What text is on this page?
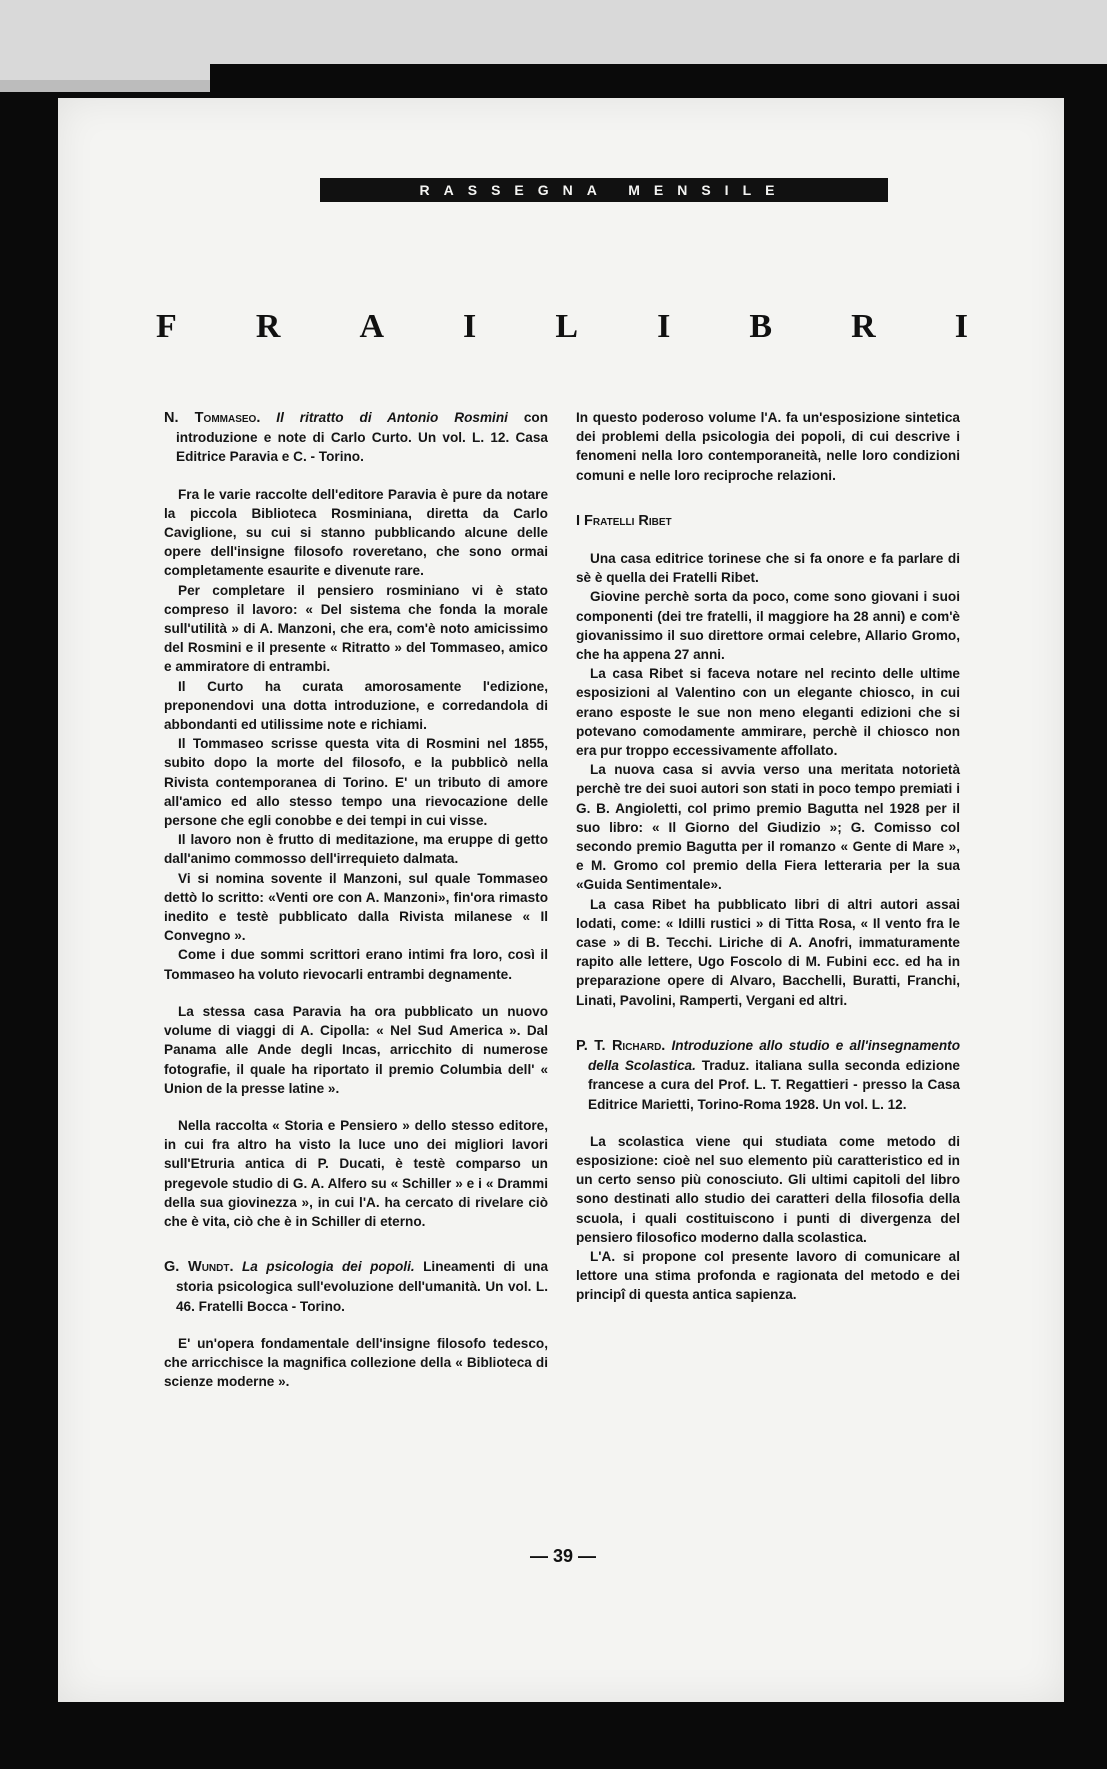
RASSEGNA MENSILE
F R A I L I B R I

N. Tommaseo. Il ritratto di Antonio Rosmini con introduzione e note di Carlo Curto. Un vol. L. 12. Casa Editrice Paravia e C. - Torino.

Fra le varie raccolte dell'editore Paravia è pure da notare la piccola Biblioteca Rosminiana, diretta da Carlo Caviglione, su cui si stanno pubblicando alcune delle opere dell'insigne filosofo roveretano, che sono ormai completamente esaurite e divenute rare.

Per completare il pensiero rosminiano vi è stato compreso il lavoro: « Del sistema che fonda la morale sull'utilità » di A. Manzoni, che era, com'è noto amicissimo del Rosmini e il presente « Ritratto » del Tommaseo, amico e ammiratore di entrambi.

Il Curto ha curata amorosamente l'edizione, preponendovi una dotta introduzione, e corredandola di abbondanti ed utilissime note e richiami.

Il Tommaseo scrisse questa vita di Rosmini nel 1855, subito dopo la morte del filosofo, e la pubblicò nella Rivista contemporanea di Torino. E' un tributo di amore all'amico ed allo stesso tempo una rievocazione delle persone che egli conobbe e dei tempi in cui visse.

Il lavoro non è frutto di meditazione, ma eruppe di getto dall'animo commosso dell'irrequieto dalmata.

Vi si nomina sovente il Manzoni, sul quale Tommaseo dettò lo scritto: «Venti ore con A. Manzoni», fin'ora rimasto inedito e testè pubblicato dalla Rivista milanese « Il Convegno ».

Come i due sommi scrittori erano intimi fra loro, così il Tommaseo ha voluto rievocarli entrambi degnamente.

La stessa casa Paravia ha ora pubblicato un nuovo volume di viaggi di A. Cipolla: « Nel Sud America ». Dal Panama alle Ande degli Incas, arricchito di numerose fotografie, il quale ha riportato il premio Columbia dell' « Union de la presse latine ».

Nella raccolta « Storia e Pensiero » dello stesso editore, in cui fra altro ha visto la luce uno dei migliori lavori sull'Etruria antica di P. Ducati, è testè comparso un pregevole studio di G. A. Alfero su « Schiller » e i « Drammi della sua giovinezza », in cui l'A. ha cercato di rivelare ciò che è vita, ciò che è in Schiller di eterno.

G. Wundt. La psicologia dei popoli. Lineamenti di una storia psicologica sull'evoluzione dell'umanità. Un vol. L. 46. Fratelli Bocca - Torino.

E' un'opera fondamentale dell'insigne filosofo tedesco, che arricchisce la magnifica collezione della « Biblioteca di scienze moderne ».

In questo poderoso volume l'A. fa un'esposizione sintetica dei problemi della psicologia dei popoli, di cui descrive i fenomeni nella loro contemporaneità, nelle loro condizioni comuni e nelle loro reciproche relazioni.

I Fratelli Ribet

Una casa editrice torinese che si fa onore e fa parlare di sè è quella dei Fratelli Ribet.

Giovine perchè sorta da poco, come sono giovani i suoi componenti (dei tre fratelli, il maggiore ha 28 anni) e com'è giovanissimo il suo direttore ormai celebre, Allario Gromo, che ha appena 27 anni.

La casa Ribet si faceva notare nel recinto delle ultime esposizioni al Valentino con un elegante chiosco, in cui erano esposte le sue non meno eleganti edizioni che si potevano comodamente ammirare, perchè il chiosco non era pur troppo eccessivamente affollato.

La nuova casa si avvia verso una meritata notorietà perchè tre dei suoi autori son stati in poco tempo premiati i G. B. Angioletti, col primo premio Bagutta nel 1928 per il suo libro: « Il Giorno del Giudizio »; G. Comisso col secondo premio Bagutta per il romanzo « Gente di Mare », e M. Gromo col premio della Fiera letteraria per la sua «Guida Sentimentale».

La casa Ribet ha pubblicato libri di altri autori assai lodati, come: « Idilli rustici » di Titta Rosa, « Il vento fra le case » di B. Tecchi. Liriche di A. Anofri, immaturamente rapito alle lettere, Ugo Foscolo di M. Fubini ecc. ed ha in preparazione opere di Alvaro, Bacchelli, Buratti, Franchi, Linati, Pavolini, Ramperti, Vergani ed altri.

P. T. Richard. Introduzione allo studio e all'insegnamento della Scolastica. Traduz. italiana sulla seconda edizione francese a cura del Prof. L. T. Regattieri - presso la Casa Editrice Marietti, Torino-Roma 1928. Un vol. L. 12.

La scolastica viene qui studiata come metodo di esposizione: cioè nel suo elemento più caratteristico ed in un certo senso più conosciuto. Gli ultimi capitoli del libro sono destinati allo studio dei caratteri della filosofia della scuola, i quali costituiscono i punti di divergenza del pensiero filosofico moderno dalla scolastica.

L'A. si propone col presente lavoro di comunicare al lettore una stima profonda e ragionata del metodo e dei principî di questa antica sapienza.

— 39 —
